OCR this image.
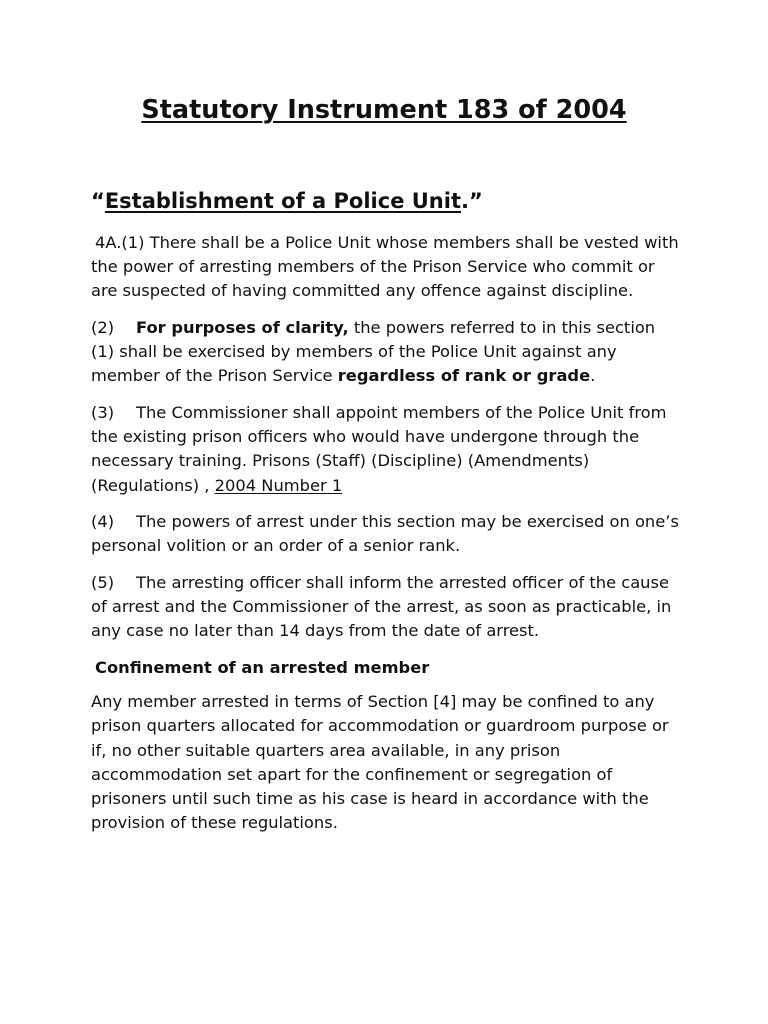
Statutory Instrument 183 of 2004
“Establishment of a Police Unit.”

4A.(1) There shall be a Police Unit whose members shall be vested with the power of arresting members of the Prison Service who commit or are suspected of having committed any offence against discipline.

(2) For purposes of clarity, the powers referred to in this section (1) shall be exercised by members of the Police Unit against any member of the Prison Service regardless of rank or grade.

(3) The Commissioner shall appoint members of the Police Unit from the existing prison officers who would have undergone through the necessary training. Prisons (Staff) (Discipline) (Amendments) (Regulations) , 2004 Number 1

(4) The powers of arrest under this section may be exercised on one’s personal volition or an order of a senior rank.

(5) The arresting officer shall inform the arrested officer of the cause of arrest and the Commissioner of the arrest, as soon as practicable, in any case no later than 14 days from the date of arrest.

Confinement of an arrested member

Any member arrested in terms of Section [4] may be confined to any prison quarters allocated for accommodation or guardroom purpose or if, no other suitable quarters area available, in any prison accommodation set apart for the confinement or segregation of prisoners until such time as his case is heard in accordance with the provision of these regulations.
